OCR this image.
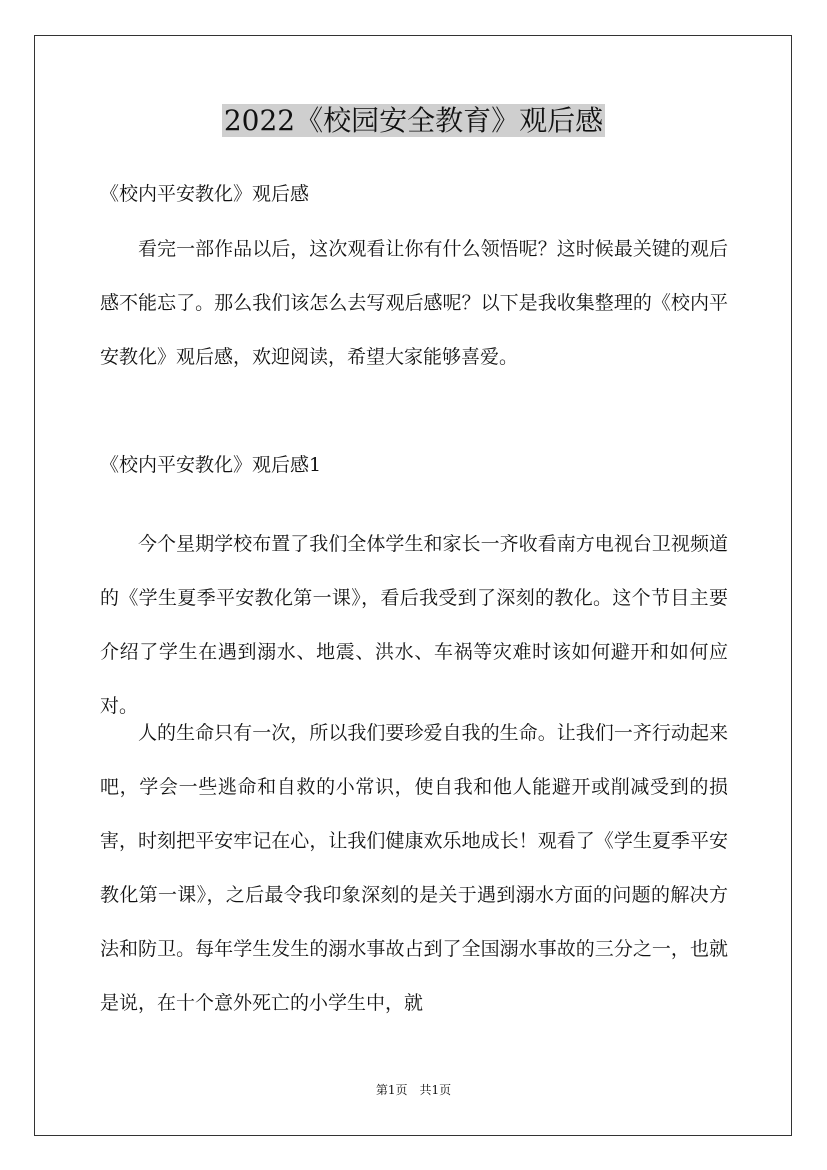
2022《校园安全教育》观后感
《校内平安教化》观后感
看完一部作品以后，这次观看让你有什么领悟呢？这时候最关键的观后感不能忘了。那么我们该怎么去写观后感呢？以下是我收集整理的《校内平安教化》观后感，欢迎阅读，希望大家能够喜爱。
《校内平安教化》观后感1
今个星期学校布置了我们全体学生和家长一齐收看南方电视台卫视频道的《学生夏季平安教化第一课》，看后我受到了深刻的教化。这个节目主要介绍了学生在遇到溺水、地震、洪水、车祸等灾难时该如何避开和如何应对。
人的生命只有一次，所以我们要珍爱自我的生命。让我们一齐行动起来吧，学会一些逃命和自救的小常识，使自我和他人能避开或削减受到的损害，时刻把平安牢记在心，让我们健康欢乐地成长！观看了《学生夏季平安教化第一课》，之后最令我印象深刻的是关于遇到溺水方面的问题的解决方法和防卫。每年学生发生的溺水事故占到了全国溺水事故的三分之一，也就是说，在十个意外死亡的小学生中，就
第1页　共1页
